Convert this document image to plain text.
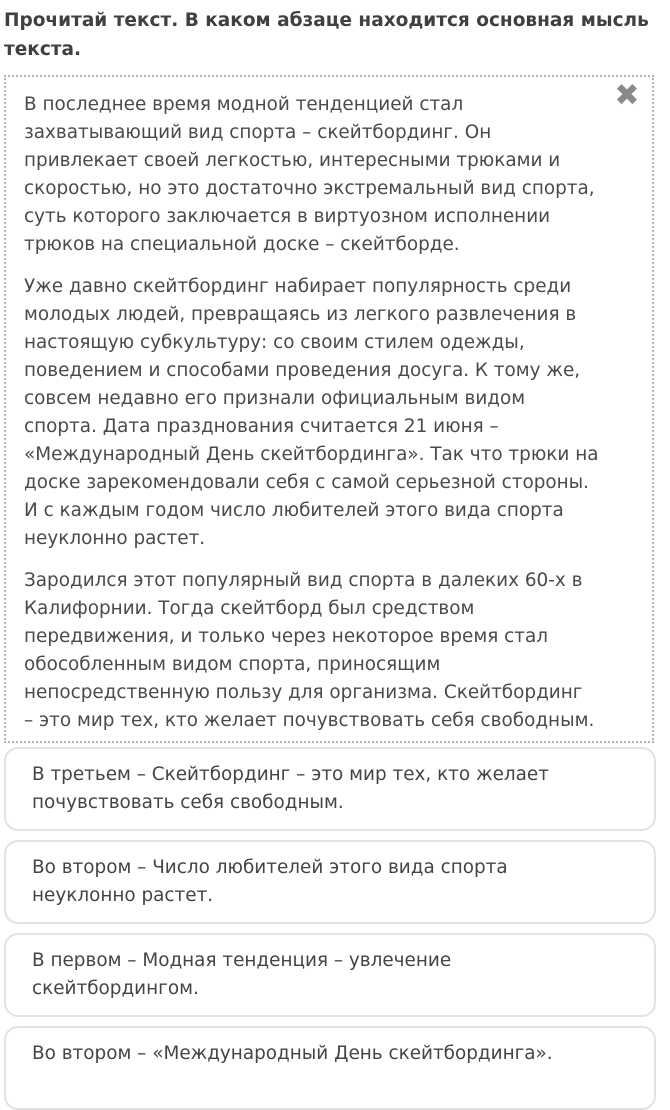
Прочитай текст. В каком абзаце находится основная мысль
текста.
✖

В последнее время модной тенденцией стал
захватывающий вид спорта – скейтбординг. Он
привлекает своей легкостью, интересными трюками и
скоростью, но это достаточно экстремальный вид спорта,
суть которого заключается в виртуозном исполнении
трюков на специальной доске – скейтборде.

Уже давно скейтбординг набирает популярность среди
молодых людей, превращаясь из легкого развлечения в
настоящую субкультуру: со своим стилем одежды,
поведением и способами проведения досуга. К тому же,
совсем недавно его признали официальным видом
спорта. Дата празднования считается 21 июня –
«Международный День скейтбординга». Так что трюки на
доске зарекомендовали себя с самой серьезной стороны.
И с каждым годом число любителей этого вида спорта
неуклонно растет.

Зародился этот популярный вид спорта в далеких 60-х в
Калифорнии. Тогда скейтборд был средством
передвижения, и только через некоторое время стал
обособленным видом спорта, приносящим
непосредственную пользу для организма. Скейтбординг
– это мир тех, кто желает почувствовать себя свободным.

В третьем – Скейтбординг – это мир тех, кто желает
почувствовать себя свободным.
Во втором – Число любителей этого вида спорта
неуклонно растет.
В первом – Модная тенденция – увлечение
скейтбордингом.
Во втором – «Международный День скейтбординга».
